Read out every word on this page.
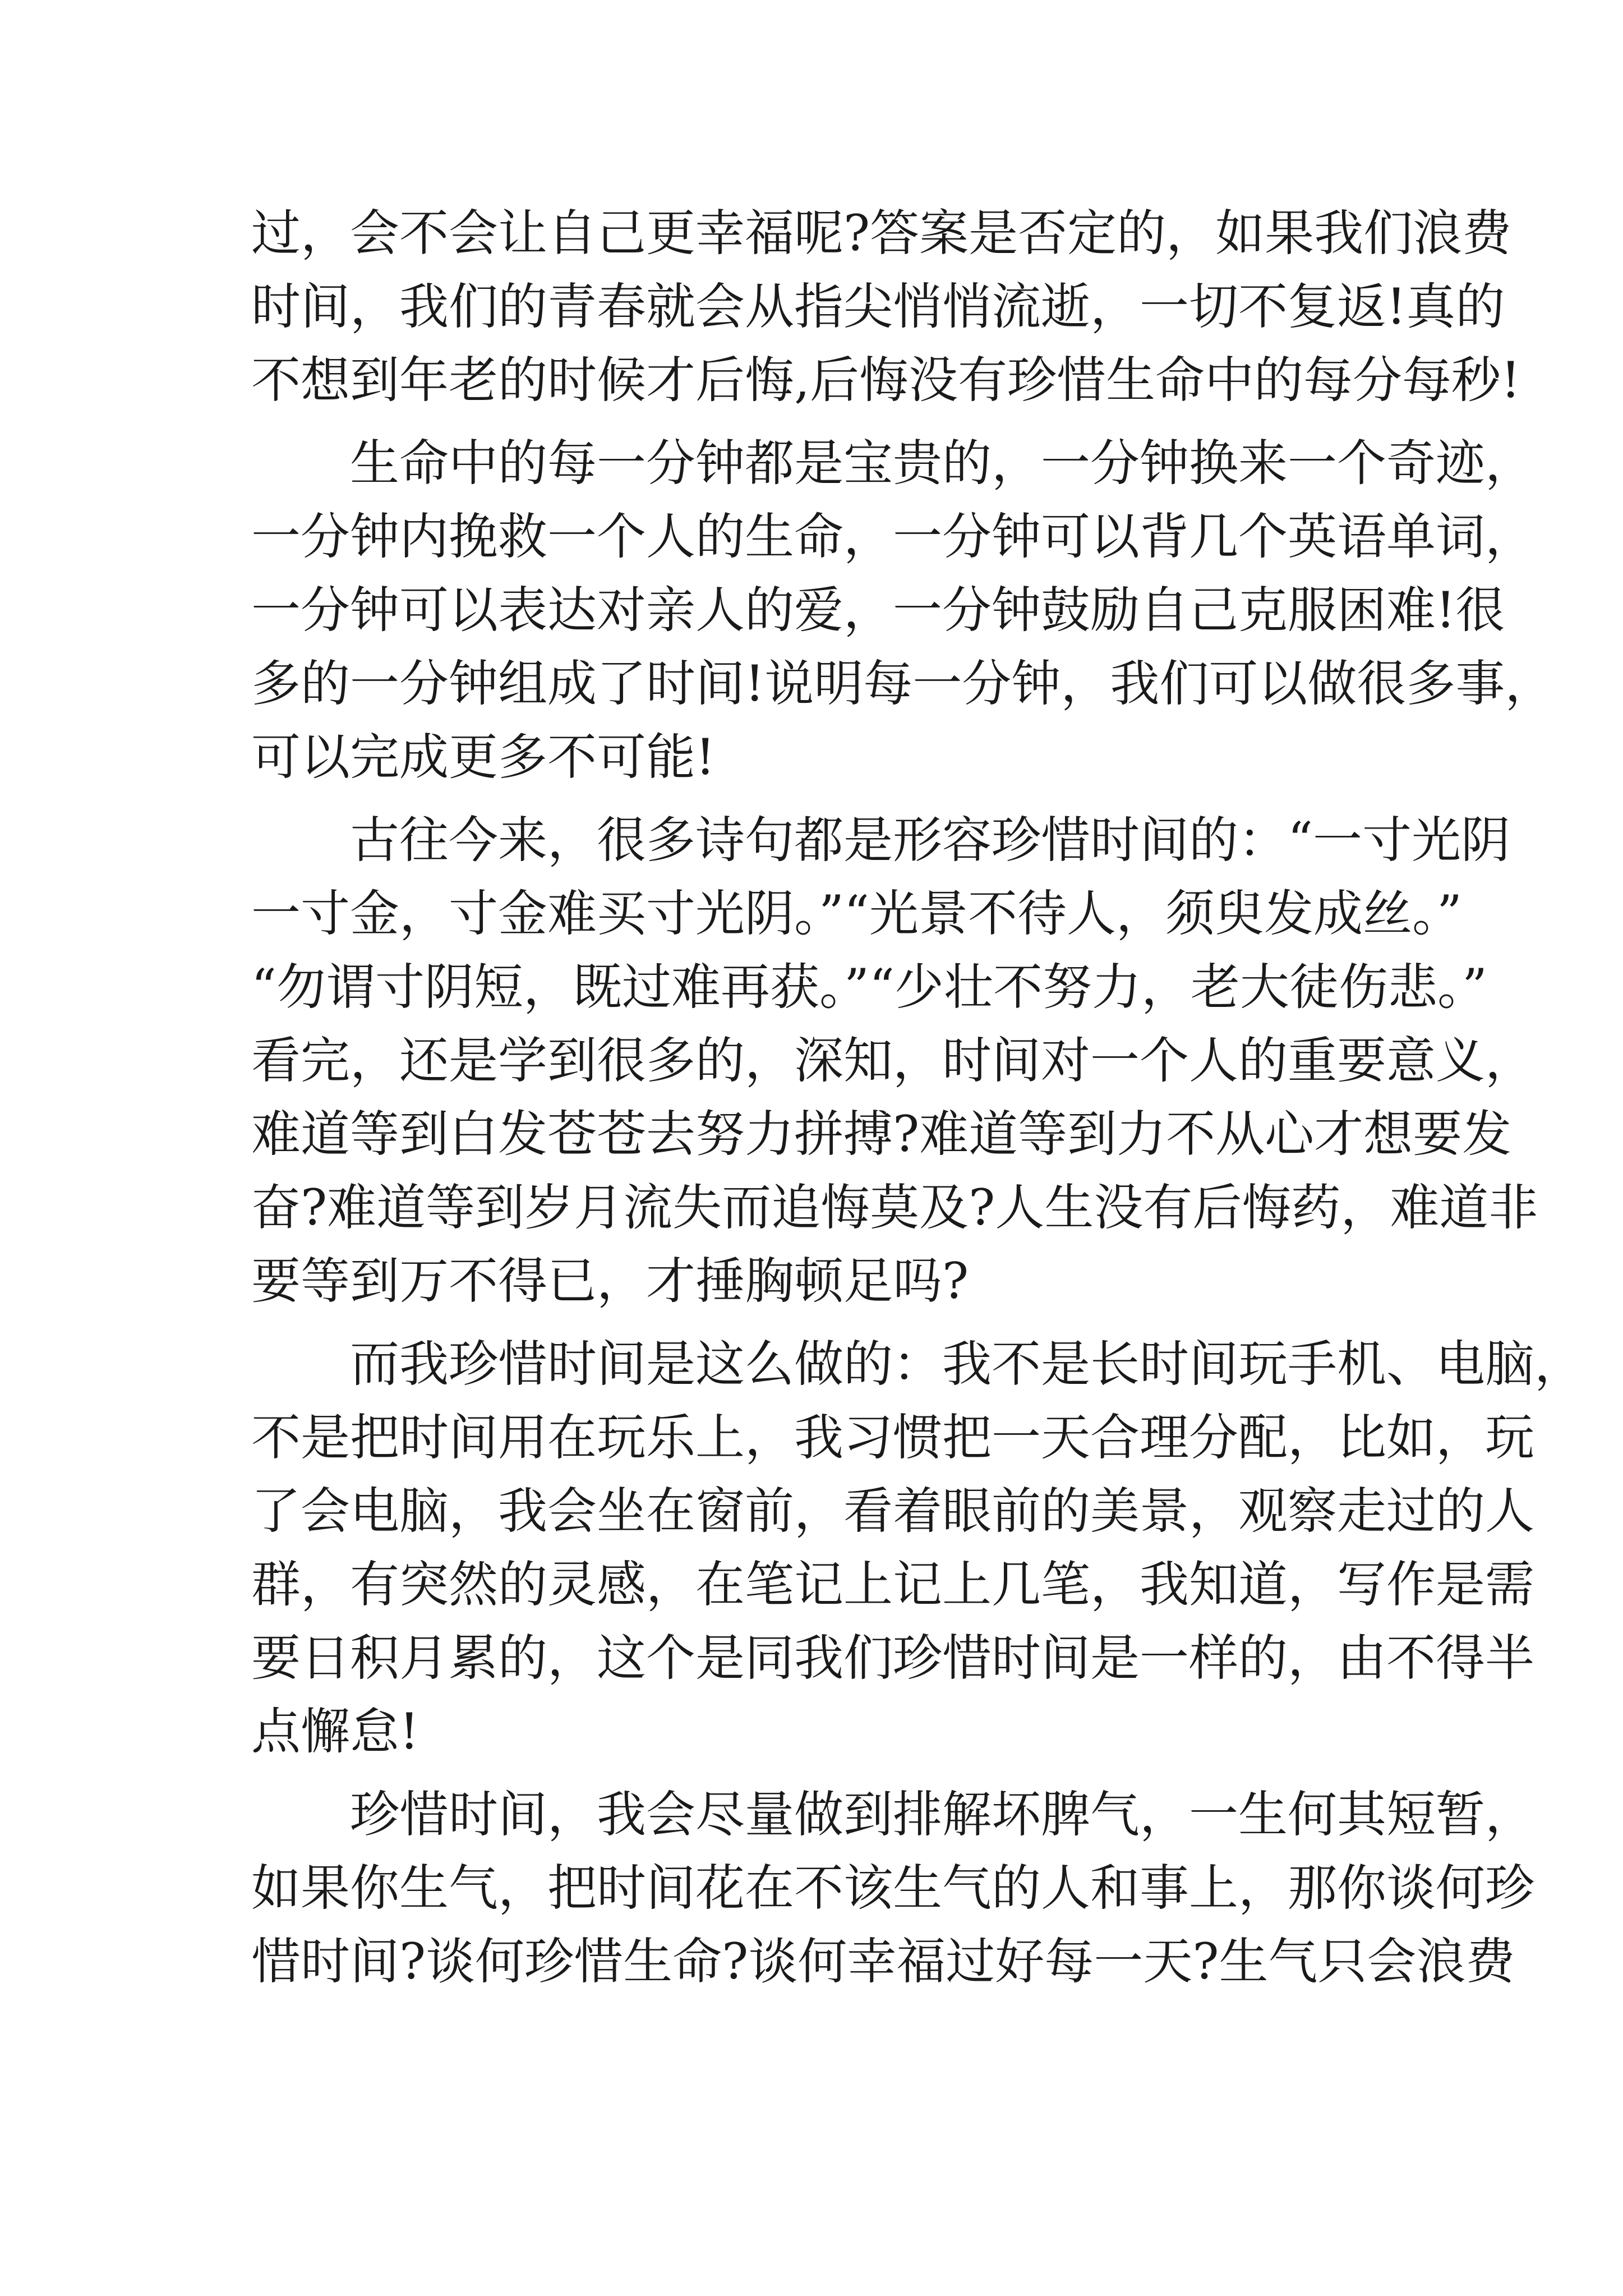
过，会不会让自己更幸福呢?答案是否定的，如果我们浪费
时间，我们的青春就会从指尖悄悄流逝，一切不复返!真的
不想到年老的时候才后悔,后悔没有珍惜生命中的每分每秒!
生命中的每一分钟都是宝贵的，一分钟换来一个奇迹，
一分钟内挽救一个人的生命，一分钟可以背几个英语单词，
一分钟可以表达对亲人的爱，一分钟鼓励自己克服困难!很
多的一分钟组成了时间!说明每一分钟，我们可以做很多事，
可以完成更多不可能!
古往今来，很多诗句都是形容珍惜时间的：“一寸光阴
一寸金，寸金难买寸光阴。”“光景不待人，须臾发成丝。”
“勿谓寸阴短，既过难再获。”“少壮不努力，老大徒伤悲。”
看完，还是学到很多的，深知，时间对一个人的重要意义，
难道等到白发苍苍去努力拼搏?难道等到力不从心才想要发
奋?难道等到岁月流失而追悔莫及?人生没有后悔药，难道非
要等到万不得已，才捶胸顿足吗?
而我珍惜时间是这么做的：我不是长时间玩手机、电脑，
不是把时间用在玩乐上，我习惯把一天合理分配，比如，玩
了会电脑，我会坐在窗前，看着眼前的美景，观察走过的人
群，有突然的灵感，在笔记上记上几笔，我知道，写作是需
要日积月累的，这个是同我们珍惜时间是一样的，由不得半
点懈怠!
珍惜时间，我会尽量做到排解坏脾气，一生何其短暂，
如果你生气，把时间花在不该生气的人和事上，那你谈何珍
惜时间?谈何珍惜生命?谈何幸福过好每一天?生气只会浪费
